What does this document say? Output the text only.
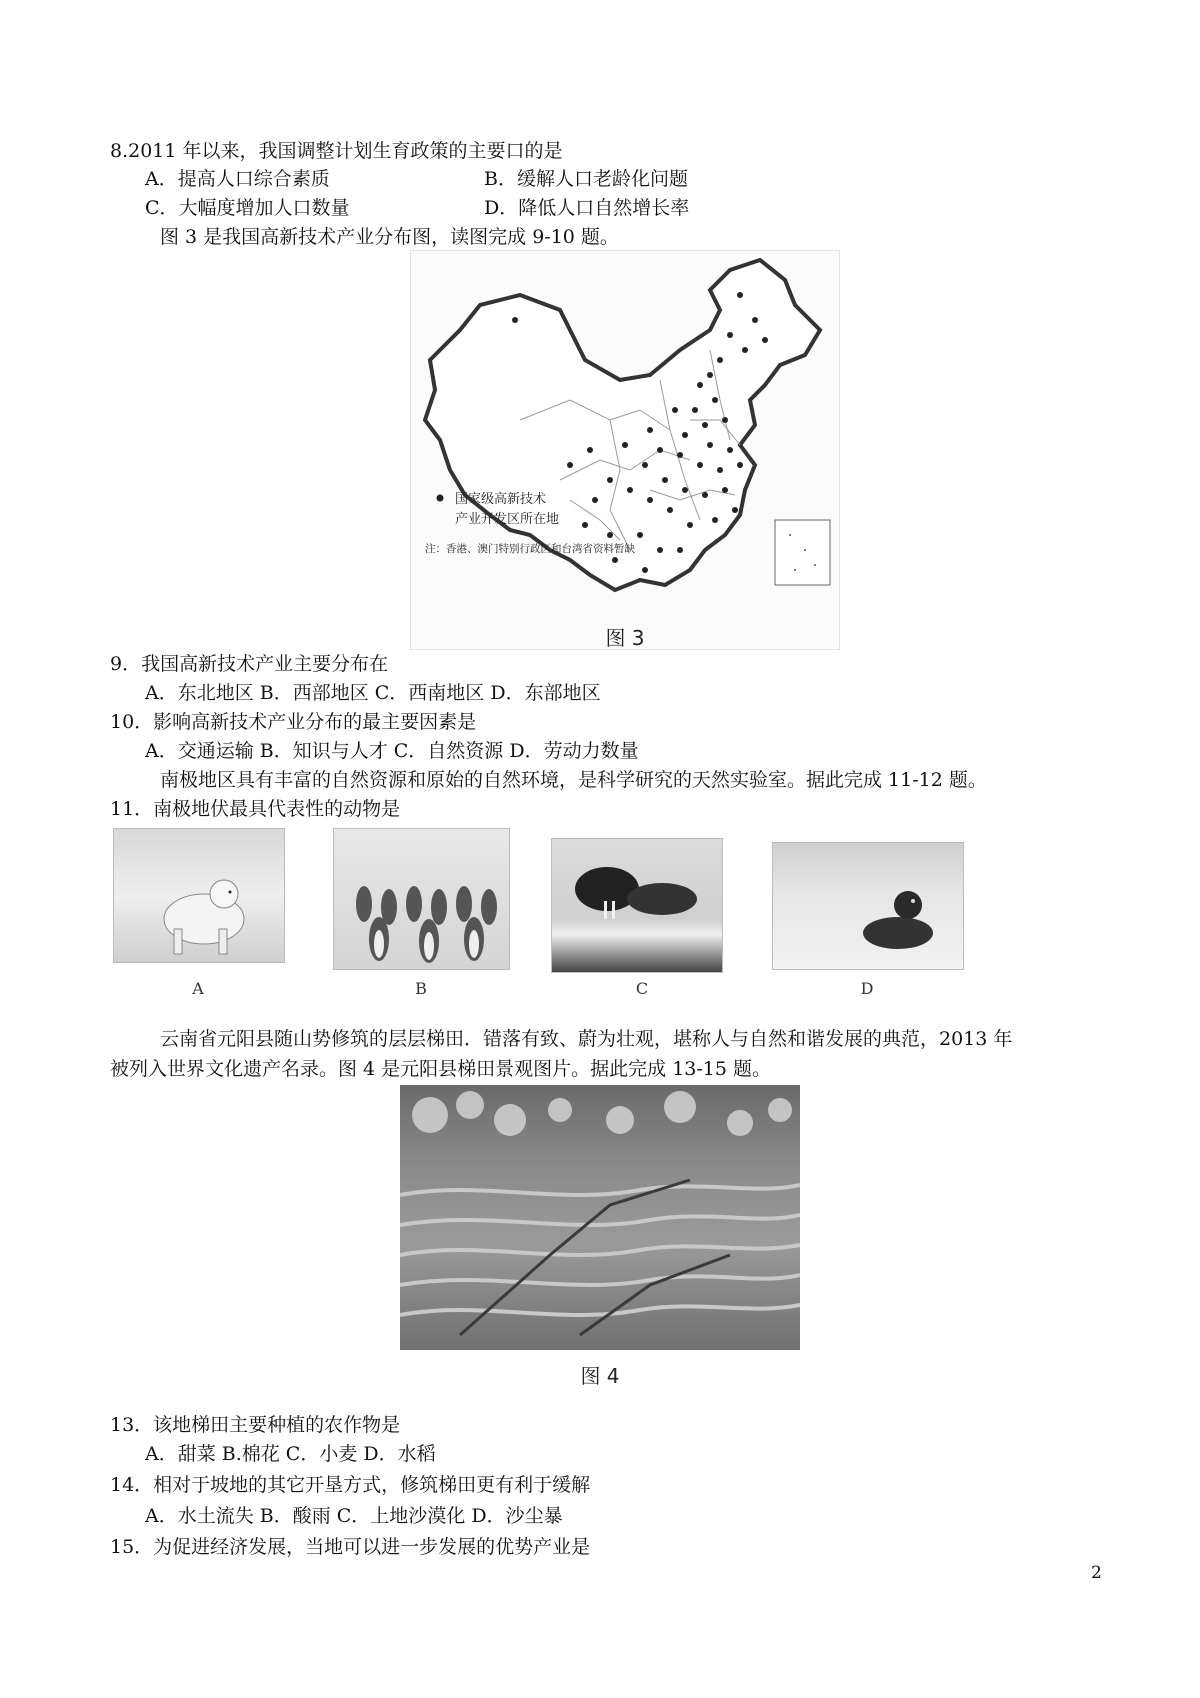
8.2011 年以来，我国调整计划生育政策的主要口的是
A．提高人口综合素质	B．缓解人口老龄化问题
C．大幅度增加人口数量	D．降低人口自然增长率
图 3 是我国高新技术产业分布图，读图完成 9-10 题。
国家级高新技术
产业开发区所在地
注：香港、澳门特别行政区和台湾省资料暂缺
图 3
9．我国高新技术产业主要分布在
A．东北地区 B．西部地区 C．西南地区 D．东部地区
10．影响高新技术产业分布的最主要因素是
A．交通运输 B．知识与人才 C．自然资源 D．劳动力数量
南极地区具有丰富的自然资源和原始的自然环境，是科学研究的天然实验室。据此完成 11-12 题。
11．南极地伏最具代表性的动物是
A	B	C	D
云南省元阳县随山势修筑的层层梯田．错落有致、蔚为壮观，堪称人与自然和谐发展的典范，2013 年
被列入世界文化遗产名录。图 4 是元阳县梯田景观图片。据此完成 13-15 题。
图 4
13．该地梯田主要种植的农作物是
A．甜菜 B.棉花 C．小麦 D．水稻
14．相对于坡地的其它开垦方式，修筑梯田更有利于缓解
A．水土流失 B．酸雨 C．上地沙漠化 D．沙尘暴
15．为促进经济发展，当地可以进一步发展的优势产业是
2
